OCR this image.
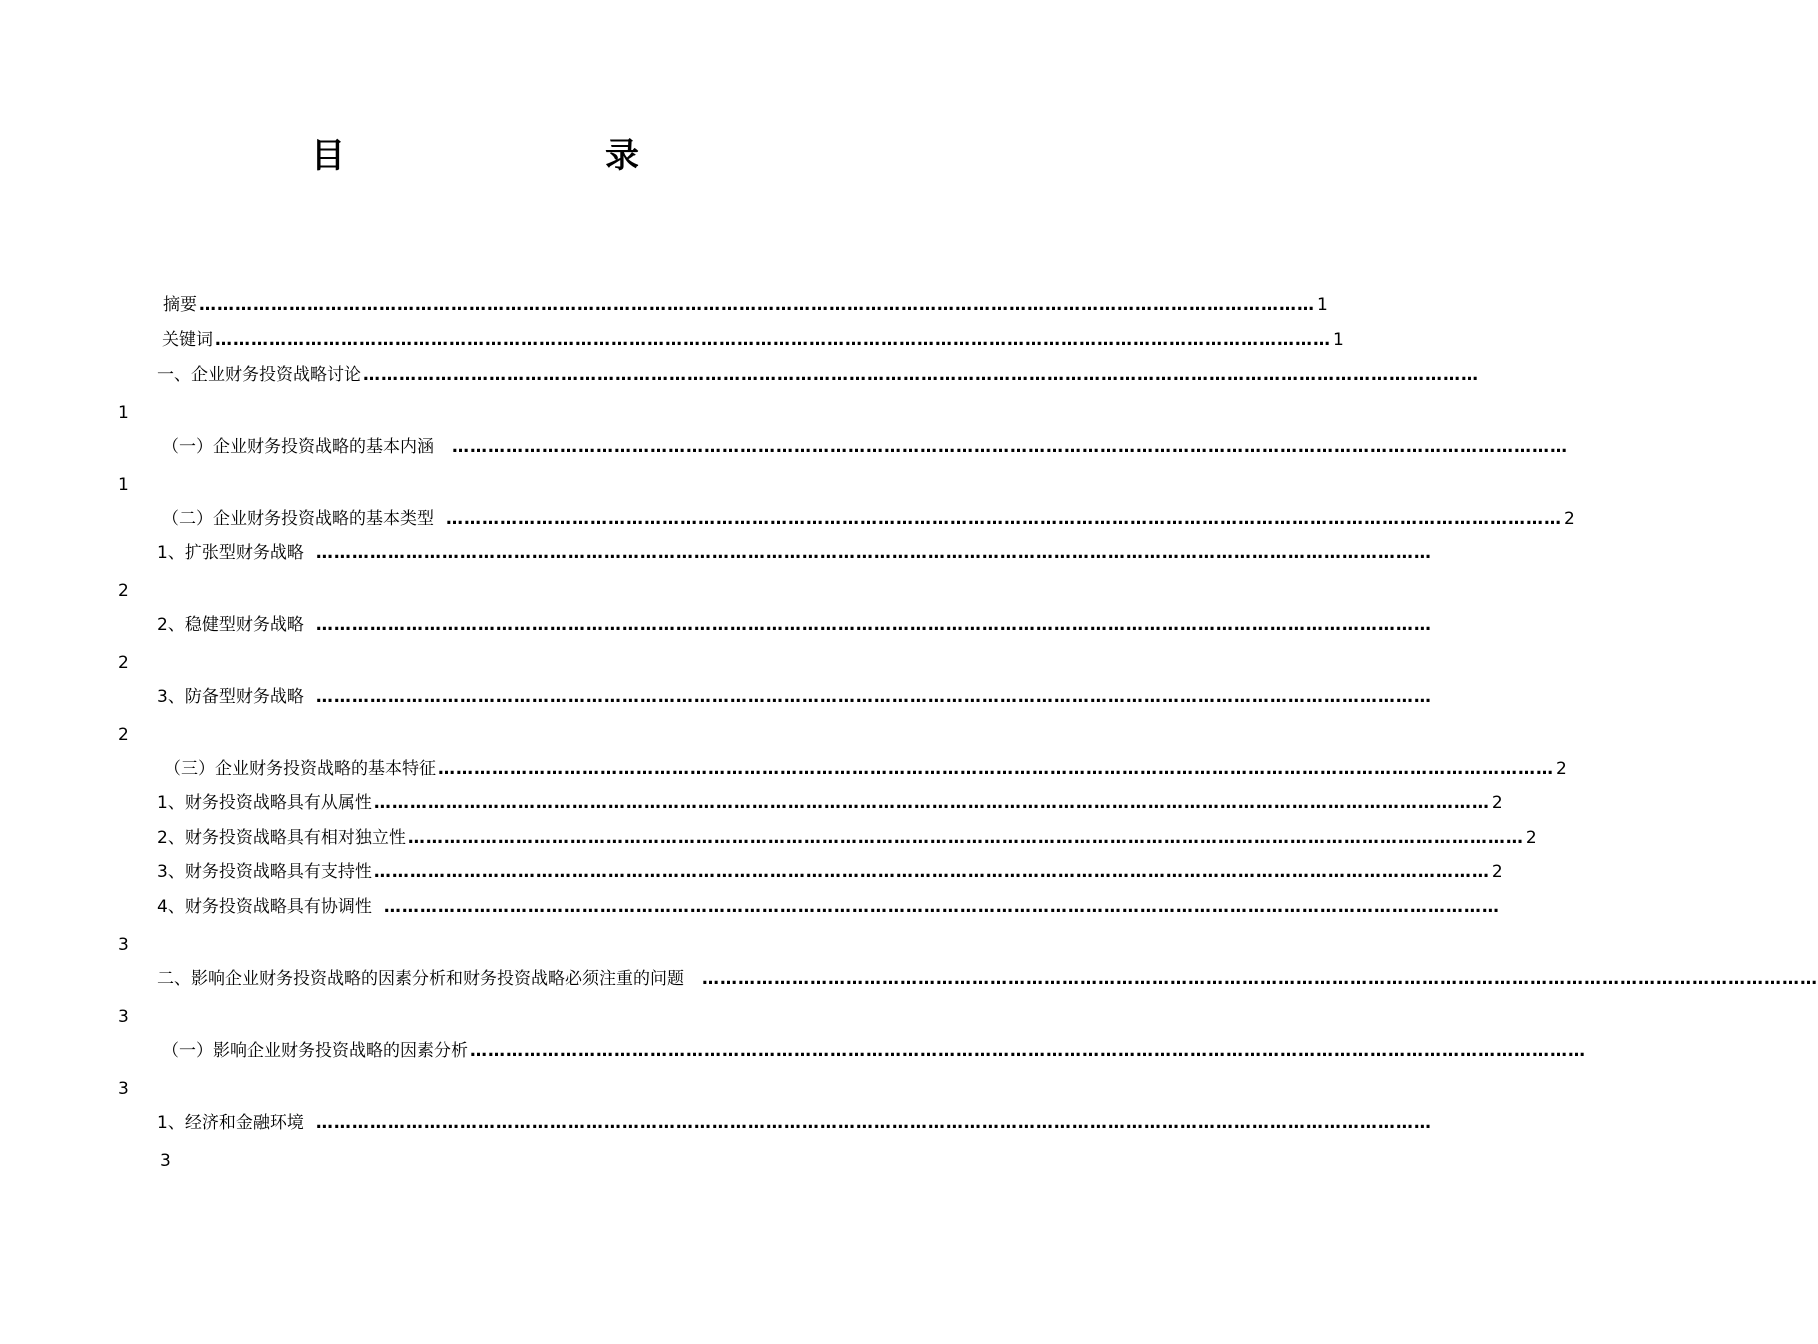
目　　录
摘要 …………………………………………………………………………………………………………………………………………………………………… 1
关键词 …………………………………………………………………………………………………………………………………………………………………… 1
一、企业财务投资战略讨论 ……………………………………………………………………………………………………………………………………………………………………
1
（一）企业财务投资战略的基本内涵 ……………………………………………………………………………………………………………………………………………………………………
1
（二）企业财务投资战略的基本类型 …………………………………………………………………………………………………………………………………………………………………… 2
1、扩张型财务战略 ……………………………………………………………………………………………………………………………………………………………………
2
2、稳健型财务战略 ……………………………………………………………………………………………………………………………………………………………………
2
3、防备型财务战略 ……………………………………………………………………………………………………………………………………………………………………
2
（三）企业财务投资战略的基本特征 …………………………………………………………………………………………………………………………………………………………………… 2
1、财务投资战略具有从属性 …………………………………………………………………………………………………………………………………………………………………… 2
2、财务投资战略具有相对独立性 …………………………………………………………………………………………………………………………………………………………………… 2
3、财务投资战略具有支持性 …………………………………………………………………………………………………………………………………………………………………… 2
4、财务投资战略具有协调性 ……………………………………………………………………………………………………………………………………………………………………
3
二、影响企业财务投资战略的因素分析和财务投资战略必须注重的问题 ……………………………………………………………………………………………………………………………………………………………………
3
（一）影响企业财务投资战略的因素分析 ……………………………………………………………………………………………………………………………………………………………………
3
1、经济和金融环境 ……………………………………………………………………………………………………………………………………………………………………
3
